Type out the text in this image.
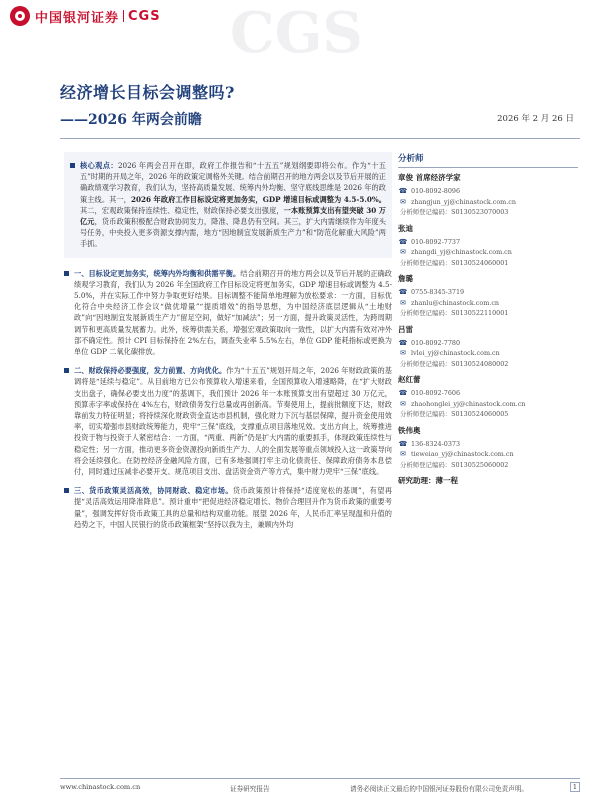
中国银河证券 CGS CGS
经济增长目标会调整吗?
——2026 年两会前瞻	2026 年 2 月 26 日
核心观点：2026 年两会召开在即，政府工作报告和“十五五”规划纲要即将公布。作为“十五五”时期的开局之年，2026 年的政策定调格外关键。结合前期召开的地方两会以及节后开展的正确政绩观学习教育，我们认为，坚持高质量发展、统筹内外均衡、坚守底线思维是 2026 年的政策主线。其一，2026 年政府工作目标设定将更加务实，GDP 增速目标或调整为 4.5-5.0%。其二，宏观政策保持连续性、稳定性，财政保持必要支出强度，一本账预算支出有望突破 30 万亿元，货币政策积极配合财政协同发力，降准、降息仍有空间。其三，扩大内需继续作为年度头号任务，中央投入更多资源支撑内需，地方“因地制宜发展新质生产力”和“防范化解重大风险”两手抓。
一、目标设定更加务实，统筹内外均衡和供需平衡。结合前期召开的地方两会以及节后开展的正确政绩观学习教育，我们认为 2026 年全国政府工作目标设定将更加务实，GDP 增速目标或调整为 4.5-5.0%，并在实际工作中努力争取更好结果。目标调整不能简单地理解为放松要求：一方面，目标优化符合中央经济工作会议“做优增量”“提质增效”的指导思想，为中国经济底层逻辑从“土地财政”向“因地制宜发展新质生产力”留足空间，做好“加减法”；另一方面，提升政策灵活性，为跨周期调节和更高质量发展蓄力。此外，统筹供需关系，增强宏观政策取向一致性，以扩大内需有效对冲外部不确定性。预计 CPI 目标保持在 2%左右，调查失业率 5.5%左右，单位 GDP 能耗指标或更换为单位 GDP 二氧化碳排放。
二、财政保持必要强度，发力前置、方向优化。作为“十五五”规划开局之年，2026 年财政政策的基调将是“延续与稳定”。从目前地方已公布预算收入增速来看，全国预算收入增速略降，在“扩大财政支出盘子，确保必要支出力度”的基调下，我们预计 2026 年一本账预算支出有望超过 30 万亿元，预算赤字率或保持在 4%左右，财政债务发行总量或再创新高。节奏使用上，提前批额度下达，财政靠前发力特征明显；将持续深化财政资金直达市县机制，强化财力下沉与基层保障，提升资金使用效率，切实增强市县财政统筹能力，兜牢“三保”底线，支撑重点项目落地见效。支出方向上，统筹推进投资于物与投资于人紧密结合：一方面，“两重、两新”仍是扩大内需的重要抓手，体现政策连续性与稳定性；另一方面，推动更多资金资源投向新质生产力、人的全面发展等重点领域投入这一政策导向将会延续强化。在防控经济金融风险方面，已有多地强调打牢主动化债责任、保障政府债务本息偿付，同时通过压减非必要开支、规范项目支出、盘活资金资产等方式，集中财力兜牢“三保”底线。
三、货币政策灵活高效，协同财政、稳定市场。货币政策预计将保持“适度宽松的基调”，有望再提“灵活高效运用降准降息”。预计重申“把促进经济稳定增长、物价合理回升作为货币政策的重要考量”，强调发挥好货币政策工具的总量和结构双重功能。展望 2026 年，人民币汇率呈现温和升值的趋势之下，中国人民银行的货币政策框架“坚持以我为主，兼顾内外均
分析师
章俊 首席经济学家
☎ 010-8092-8096
✉ zhangjun_yj@chinastock.com.cn
分析师登记编码：S0130523070003
张迪
☎ 010-8092-7737
✉ zhangdi_yj@chinastock.com.cn
分析师登记编码：S0130524060001
詹璐
☎ 0755-8345-3719
✉ zhanlu@chinastock.com.cn
分析师登记编码：S0130522110001
吕雷
☎ 010-8092-7780
✉ lvlei_yj@chinastock.com.cn
分析师登记编码：S0130524080002
赵红蕾
☎ 010-8092-7606
✉ zhaohonglei_yj@chinastock.com.cn
分析师登记编码：S0130524060005
铁伟奥
☎ 136-8324-0373
✉ tieweiao_yj@chinastock.com.cn
分析师登记编码：S0130525060002
研究助理：薄一程
www.chinastock.com.cn	证券研究报告	请务必阅读正文最后的中国银河证券股份有限公司免责声明。	1
